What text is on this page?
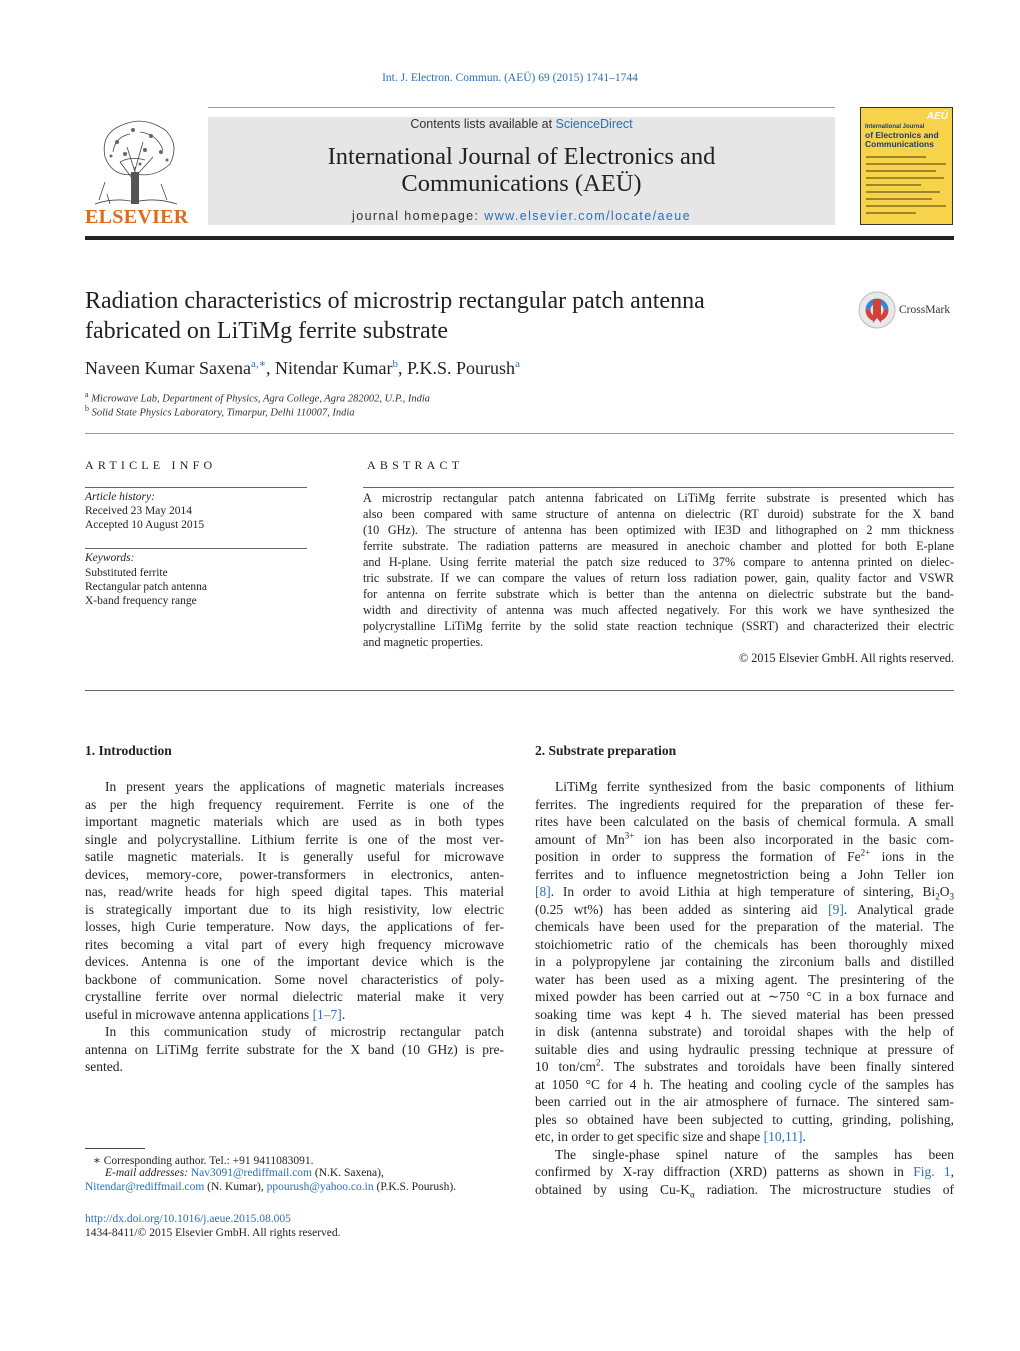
Int. J. Electron. Commun. (AEÜ) 69 (2015) 1741–1744
Contents lists available at ScienceDirect
International Journal of Electronics and
Communications (AEÜ)
journal homepage: www.elsevier.com/locate/aeue
ELSEVIER
AEÜ
International Journal
of Electronics and
Communications
Radiation characteristics of microstrip rectangular patch antenna
fabricated on LiTiMg ferrite substrate
CrossMark
Naveen Kumar Saxena$^{a,∗}$, Nitendar Kumar$^b$, P.K.S. Pourush$^a$
$^a$ Microwave Lab, Department of Physics, Agra College, Agra 282002, U.P., India
$^b$ Solid State Physics Laboratory, Timarpur, Delhi 110007, India
ARTICLE INFO	ABSTRACT
Article history:
Received 23 May 2014
Accepted 10 August 2015
Keywords:
Substituted ferrite
Rectangular patch antenna
X-band frequency range
A microstrip rectangular patch antenna fabricated on LiTiMg ferrite substrate is presented which has
also been compared with same structure of antenna on dielectric (RT duroid) substrate for the X band
(10 GHz). The structure of antenna has been optimized with IE3D and lithographed on 2 mm thickness
ferrite substrate. The radiation patterns are measured in anechoic chamber and plotted for both E-plane
and H-plane. Using ferrite material the patch size reduced to 37% compare to antenna printed on dielec-
tric substrate. If we can compare the values of return loss radiation power, gain, quality factor and VSWR
for antenna on ferrite substrate which is better than the antenna on dielectric substrate but the band-
width and directivity of antenna was much affected negatively. For this work we have synthesized the
polycrystalline LiTiMg ferrite by the solid state reaction technique (SSRT) and characterized their electric
and magnetic properties.
© 2015 Elsevier GmbH. All rights reserved.
1. Introduction
In present years the applications of magnetic materials increases
as per the high frequency requirement. Ferrite is one of the
important magnetic materials which are used as in both types
single and polycrystalline. Lithium ferrite is one of the most ver-
satile magnetic materials. It is generally useful for microwave
devices, memory-core, power-transformers in electronics, anten-
nas, read/write heads for high speed digital tapes. This material
is strategically important due to its high resistivity, low electric
losses, high Curie temperature. Now days, the applications of fer-
rites becoming a vital part of every high frequency microwave
devices. Antenna is one of the important device which is the
backbone of communication. Some novel characteristics of poly-
crystalline ferrite over normal dielectric material make it very
useful in microwave antenna applications [1–7].
In this communication study of microstrip rectangular patch
antenna on LiTiMg ferrite substrate for the X band (10 GHz) is pre-
sented.
2. Substrate preparation
LiTiMg ferrite synthesized from the basic components of lithium
ferrites. The ingredients required for the preparation of these fer-
rites have been calculated on the basis of chemical formula. A small
amount of $Mn^{3+}$ ion has been also incorporated in the basic com-
position in order to suppress the formation of $Fe^{2+}$ ions in the
ferrites and to influence megnetostriction being a John Teller ion
[8]. In order to avoid Lithia at high temperature of sintering, $Bi_2O_3$
(0.25 wt%) has been added as sintering aid [9]. Analytical grade
chemicals have been used for the preparation of the material. The
stoichiometric ratio of the chemicals has been thoroughly mixed
in a polypropylene jar containing the zirconium balls and distilled
water has been used as a mixing agent. The presintering of the
mixed powder has been carried out at ∼750 °C in a box furnace and
soaking time was kept 4 h. The sieved material has been pressed
in disk (antenna substrate) and toroidal shapes with the help of
suitable dies and using hydraulic pressing technique at pressure of
10 ton/$cm^2$. The substrates and toroidals have been finally sintered
at 1050 °C for 4 h. The heating and cooling cycle of the samples has
been carried out in the air atmosphere of furnace. The sintered sam-
ples so obtained have been subjected to cutting, grinding, polishing,
etc, in order to get specific size and shape [10,11].
The single-phase spinel nature of the samples has been
confirmed by X-ray diffraction (XRD) patterns as shown in Fig. 1,
obtained by using $Cu-K_\alpha$ radiation. The microstructure studies of
∗ Corresponding author. Tel.: +91 9411083091.
E-mail addresses: Nav3091@rediffmail.com (N.K. Saxena),
Nitendar@rediffmail.com (N. Kumar), ppourush@yahoo.co.in (P.K.S. Pourush).
http://dx.doi.org/10.1016/j.aeue.2015.08.005
1434-8411/© 2015 Elsevier GmbH. All rights reserved.
